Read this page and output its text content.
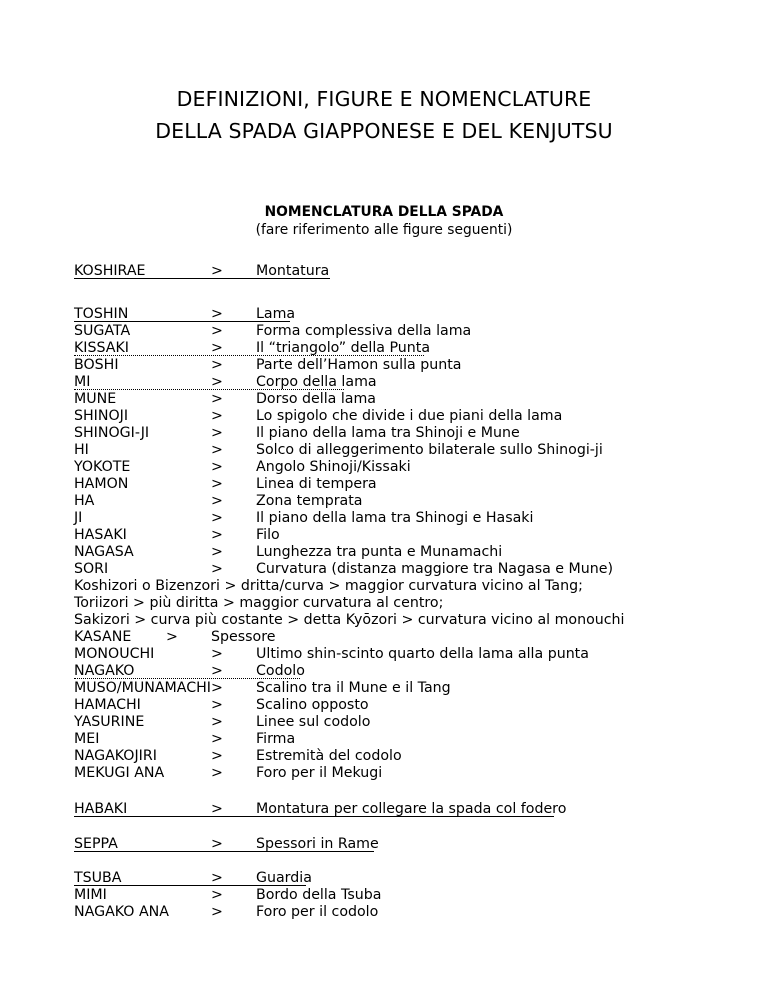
DEFINIZIONI, FIGURE E NOMENCLATURE
DELLA SPADA GIAPPONESE E DEL KENJUTSU
NOMENCLATURA DELLA SPADA
(fare riferimento alle figure seguenti)
KOSHIRAE	> Montatura
TOSHIN	> Lama
SUGATA	> Forma complessiva della lama
KISSAKI	> Il “triangolo” della Punta
BOSHI	> Parte dell’Hamon sulla punta
MI	> Corpo della lama
MUNE	> Dorso della lama
SHINOJI	> Lo spigolo che divide i due piani della lama
SHINOGI-JI	> Il piano della lama tra Shinoji e Mune
HI	> Solco di alleggerimento bilaterale sullo Shinogi-ji
YOKOTE	> Angolo Shinoji/Kissaki
HAMON	> Linea di tempera
HA	> Zona temprata
JI	> Il piano della lama tra Shinogi e Hasaki
HASAKI	> Filo
NAGASA	> Lunghezza tra punta e Munamachi
SORI	> Curvatura (distanza maggiore tra Nagasa e Mune)
Koshizori o Bizenzori > dritta/curva > maggior curvatura vicino al Tang;
Toriizori > più diritta > maggior curvatura al centro;
Sakizori > curva più costante > detta Kyōzori > curvatura vicino al monouchi
KASANE > Spessore
MONOUCHI	> Ultimo shin-scinto quarto della lama alla punta
NAGAKO	> Codolo
MUSO/MUNAMACHI > Scalino tra il Mune e il Tang
HAMACHI	> Scalino opposto
YASURINE	> Linee sul codolo
MEI	> Firma
NAGAKOJIRI	> Estremità del codolo
MEKUGI ANA	> Foro per il Mekugi
HABAKI	> Montatura per collegare la spada col fodero
SEPPA	> Spessori in Rame
TSUBA	> Guardia
MIMI	> Bordo della Tsuba
NAGAKO ANA	> Foro per il codolo
